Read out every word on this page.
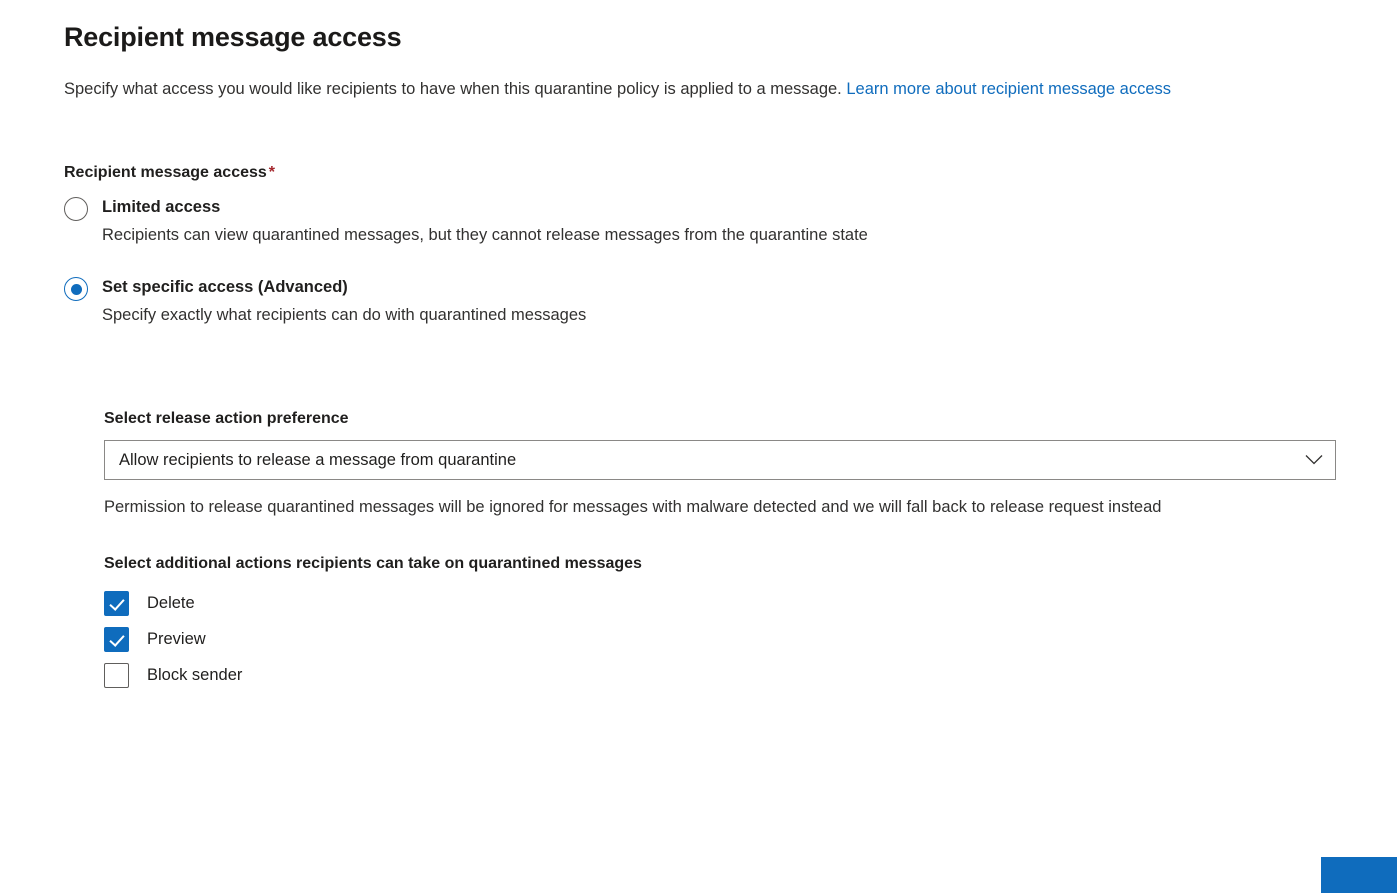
Recipient message access

Specify what access you would like recipients to have when this quarantine policy is applied to a message. Learn more about recipient message access

Recipient message access *
Limited access
Recipients can view quarantined messages, but they cannot release messages from the quarantine state
Set specific access (Advanced)
Specify exactly what recipients can do with quarantined messages
Select release action preference
Allow recipients to release a message from quarantine
Permission to release quarantined messages will be ignored for messages with malware detected and we will fall back to release request instead
Select additional actions recipients can take on quarantined messages
Delete
Preview
Block sender
